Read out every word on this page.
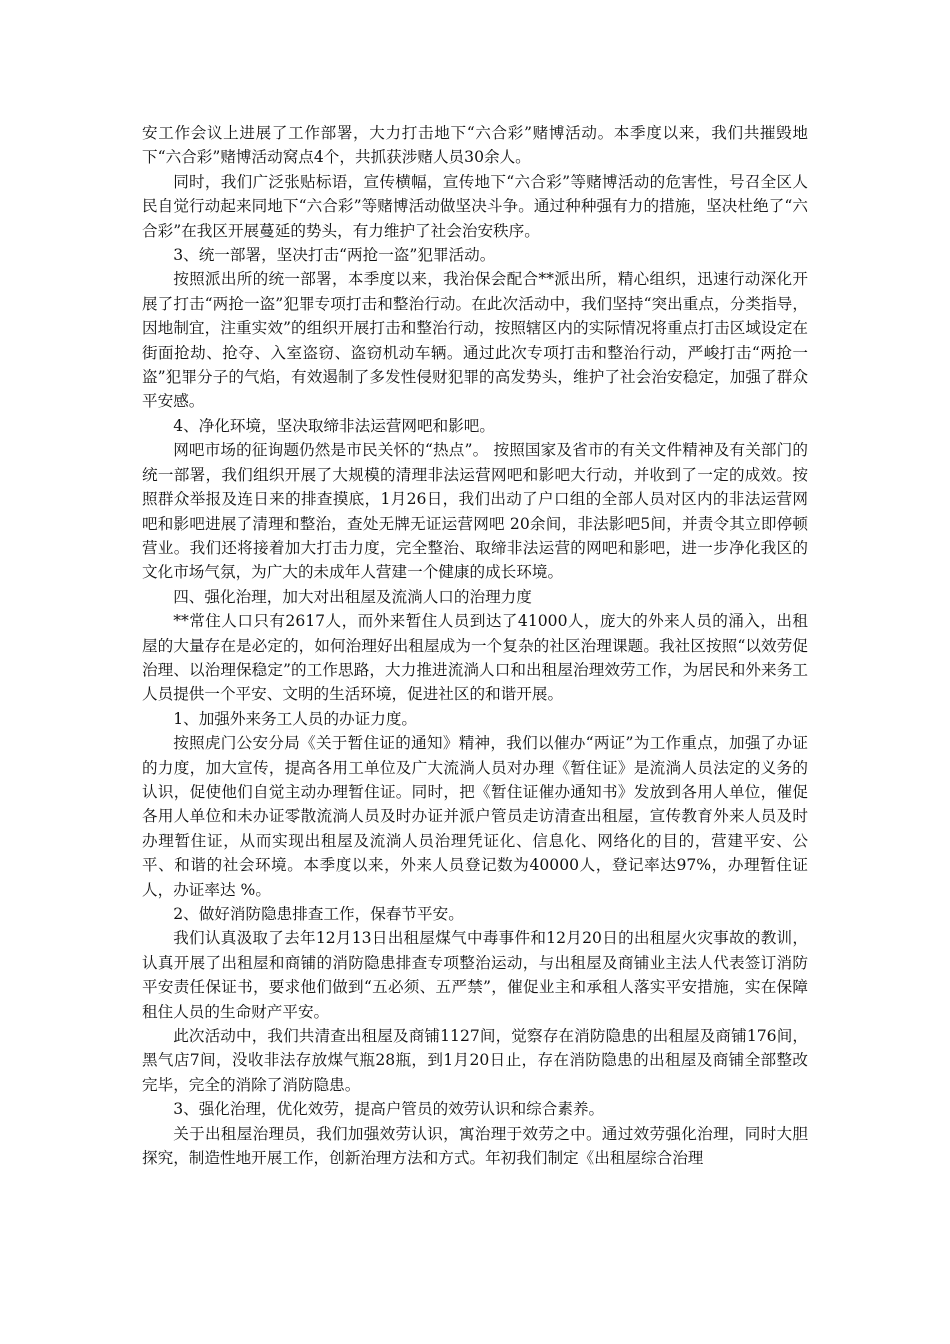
安工作会议上进展了工作部署，大力打击地下“六合彩”赌博活动。本季度以来，我们共摧毁地下“六合彩”赌博活动窝点4个，共抓获涉赌人员30余人。

同时，我们广泛张贴标语，宣传横幅，宣传地下“六合彩”等赌博活动的危害性，号召全区人民自觉行动起来同地下“六合彩”等赌博活动做坚决斗争。通过种种强有力的措施，坚决杜绝了“六合彩”在我区开展蔓延的势头，有力维护了社会治安秩序。

3、统一部署，坚决打击“两抢一盗”犯罪活动。

按照派出所的统一部署，本季度以来，我治保会配合**派出所，精心组织，迅速行动深化开展了打击“两抢一盗”犯罪专项打击和整治行动。在此次活动中，我们坚持“突出重点，分类指导，因地制宜，注重实效”的组织开展打击和整治行动，按照辖区内的实际情况将重点打击区域设定在街面抢劫、抢夺、入室盗窃、盗窃机动车辆。通过此次专项打击和整治行动，严峻打击“两抢一盗”犯罪分子的气焰，有效遏制了多发性侵财犯罪的高发势头，维护了社会治安稳定，加强了群众平安感。

4、净化环境，坚决取缔非法运营网吧和影吧。

网吧市场的征询题仍然是市民关怀的“热点”。 按照国家及省市的有关文件精神及有关部门的统一部署，我们组织开展了大规模的清理非法运营网吧和影吧大行动，并收到了一定的成效。按照群众举报及连日来的排查摸底，1月26日，我们出动了户口组的全部人员对区内的非法运营网吧和影吧进展了清理和整治，查处无牌无证运营网吧 20余间，非法影吧5间，并责令其立即停顿营业。我们还将接着加大打击力度，完全整治、取缔非法运营的网吧和影吧，进一步净化我区的文化市场气氛，为广大的未成年人营建一个健康的成长环境。

四、强化治理，加大对出租屋及流淌人口的治理力度

**常住人口只有2617人，而外来暂住人员到达了41000人，庞大的外来人员的涌入，出租屋的大量存在是必定的，如何治理好出租屋成为一个复杂的社区治理课题。我社区按照“以效劳促治理、以治理保稳定”的工作思路，大力推进流淌人口和出租屋治理效劳工作，为居民和外来务工人员提供一个平安、文明的生活环境，促进社区的和谐开展。

1、加强外来务工人员的办证力度。

按照虎门公安分局《关于暂住证的通知》精神，我们以催办“两证”为工作重点，加强了办证的力度，加大宣传，提高各用工单位及广大流淌人员对办理《暂住证》是流淌人员法定的义务的认识，促使他们自觉主动办理暂住证。同时，把《暂住证催办通知书》发放到各用人单位，催促各用人单位和未办证零散流淌人员及时办证并派户管员走访清查出租屋，宣传教育外来人员及时办理暂住证，从而实现出租屋及流淌人员治理凭证化、信息化、网络化的目的，营建平安、公平、和谐的社会环境。本季度以来，外来人员登记数为40000人，登记率达97%，办理暂住证 人，办证率达 %。

2、做好消防隐患排查工作，保春节平安。

我们认真汲取了去年12月13日出租屋煤气中毒事件和12月20日的出租屋火灾事故的教训，认真开展了出租屋和商铺的消防隐患排查专项整治运动，与出租屋及商铺业主法人代表签订消防平安责任保证书，要求他们做到“五必须、五严禁”，催促业主和承租人落实平安措施，实在保障租住人员的生命财产平安。

此次活动中，我们共清查出租屋及商铺1127间，觉察存在消防隐患的出租屋及商铺176间，黑气店7间，没收非法存放煤气瓶28瓶，到1月20日止，存在消防隐患的出租屋及商铺全部整改完毕，完全的消除了消防隐患。

3、强化治理，优化效劳，提高户管员的效劳认识和综合素养。

关于出租屋治理员，我们加强效劳认识，寓治理于效劳之中。通过效劳强化治理，同时大胆探究，制造性地开展工作，创新治理方法和方式。年初我们制定《出租屋综合治理
